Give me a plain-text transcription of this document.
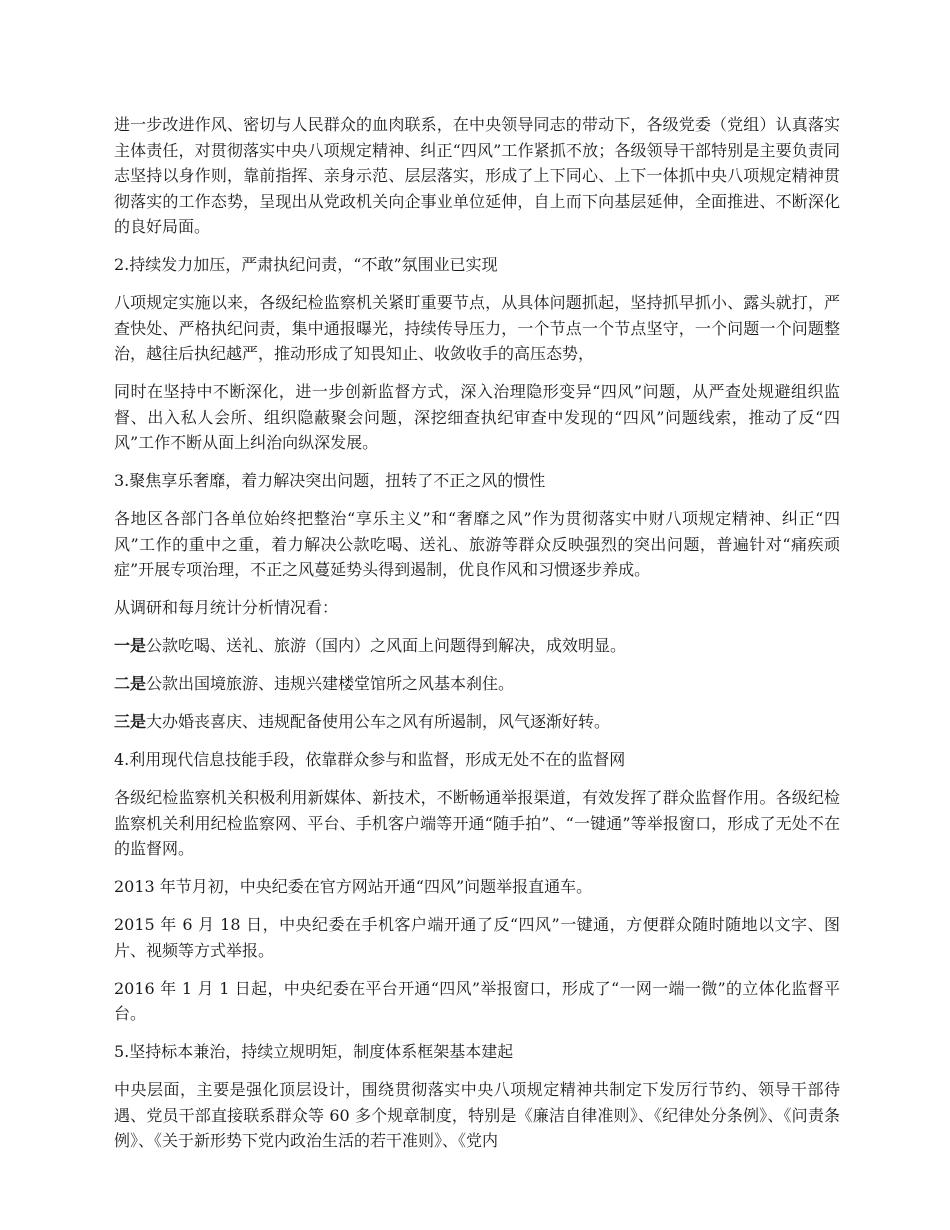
进一步改进作风、密切与人民群众的血肉联系，在中央领导同志的带动下，各级党委（党组）认真落实主体责任，对贯彻落实中央八项规定精神、纠正“四风”工作紧抓不放；各级领导干部特别是主要负责同志坚持以身作则，靠前指挥、亲身示范、层层落实，形成了上下同心、上下一体抓中央八项规定精神贯彻落实的工作态势，呈现出从党政机关向企事业单位延伸，自上而下向基层延伸，全面推进、不断深化的良好局面。

2.持续发力加压，严肃执纪问责，“不敢”氛围业已实现

八项规定实施以来，各级纪检监察机关紧盯重要节点，从具体问题抓起，坚持抓早抓小、露头就打，严查快处、严格执纪问责，集中通报曝光，持续传导压力，一个节点一个节点坚守，一个问题一个问题整治，越往后执纪越严，推动形成了知畏知止、收敛收手的高压态势，

同时在坚持中不断深化，进一步创新监督方式，深入治理隐形变异“四风”问题，从严查处规避组织监督、出入私人会所、组织隐蔽聚会问题，深挖细查执纪审查中发现的“四风”问题线索，推动了反“四风”工作不断从面上纠治向纵深发展。

3.聚焦享乐奢靡，着力解决突出问题，扭转了不正之风的惯性

各地区各部门各单位始终把整治“享乐主义”和“奢靡之风”作为贯彻落实中财八项规定精神、纠正“四风”工作的重中之重，着力解决公款吃喝、送礼、旅游等群众反映强烈的突出问题，普遍针对“痛疾顽症”开展专项治理，不正之风蔓延势头得到遏制，优良作风和习惯逐步养成。

从调研和每月统计分析情况看：

一是公款吃喝、送礼、旅游（国内）之风面上问题得到解决，成效明显。

二是公款出国境旅游、违规兴建楼堂馆所之风基本刹住。

三是大办婚丧喜庆、违规配备使用公车之风有所遏制，风气逐渐好转。

4.利用现代信息技能手段，依靠群众参与和监督，形成无处不在的监督网

各级纪检监察机关积极利用新媒体、新技术，不断畅通举报渠道，有效发挥了群众监督作用。各级纪检监察机关利用纪检监察网、平台、手机客户端等开通“随手拍”、“一键通”等举报窗口，形成了无处不在的监督网。

2013 年节月初，中央纪委在官方网站开通“四风”问题举报直通车。

2015 年 6 月 18 日，中央纪委在手机客户端开通了反“四风”一键通，方便群众随时随地以文字、图片、视频等方式举报。

2016 年 1 月 1 日起，中央纪委在平台开通“四风”举报窗口，形成了“一网一端一微”的立体化监督平台。

5.坚持标本兼治，持续立规明矩，制度体系框架基本建起

中央层面，主要是强化顶层设计，围绕贯彻落实中央八项规定精神共制定下发厉行节约、领导干部待遇、党员干部直接联系群众等 60 多个规章制度，特别是《廉洁自律准则》、《纪律处分条例》、《问责条例》、《关于新形势下党内政治生活的若干准则》、《党内
